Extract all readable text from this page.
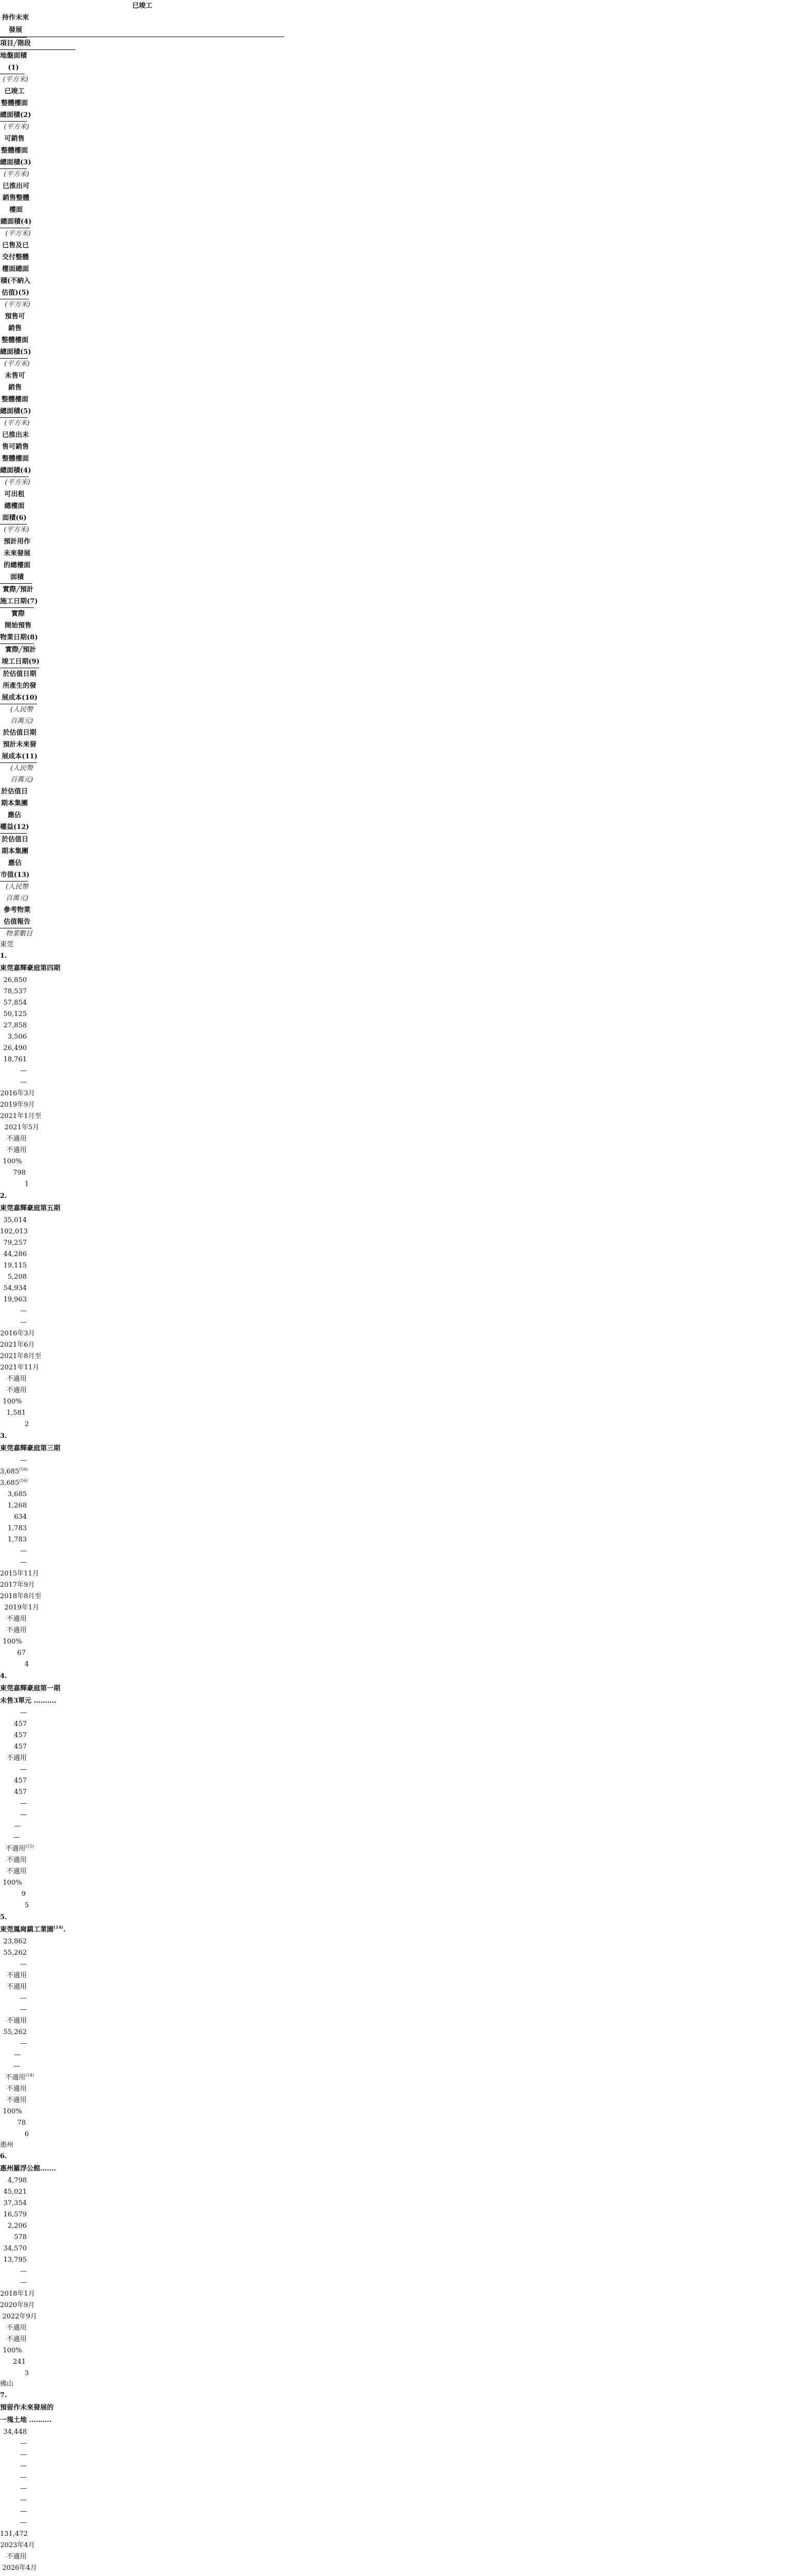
已竣工
持作未來發展
項目╱階段
地盤面積
(1)
(平方米)
已竣工
整體樓面
總面積(2)
(平方米)
可銷售
整體樓面
總面積(3)
(平方米)
已推出可
銷售整體
樓面
總面積(4)
(平方米)
已售及已
交付整體
樓面總面
積(不納入
估值)(5)
(平方米)
預售可
銷售
整體樓面
總面積(5)
(平方米)
未售可
銷售
整體樓面
總面積(5)
(平方米)
已推出未
售可銷售
整體樓面
總面積(4)
(平方米)
可出租
總樓面
面積(6)
(平方米)
預計用作
未來發展
的總樓面
面積
實際╱預計
施工日期(7)
實際
開始預售
物業日期(8)
實際╱預計
竣工日期(9)
於估值日期
所產生的發
展成本(10)
(人民幣
百萬元)
於估值日期
預計未來發
展成本(11)
(人民幣
百萬元)
於估值日
期本集團
應佔
權益(12)
於估值日
期本集團
應佔
市值(13)
(人民幣
百萬元)
參考物業
估值報告
物業數目
東莞
1.
東莞嘉輝豪庭第四期
26,850
78,537
57,854
50,125
27,858
3,506
26,490
18,761
—
—
2016年3月
2019年9月
2021年1月至
2021年5月
不適用
不適用
100%
798
1
2.
東莞嘉輝豪庭第五期
35,014
102,013
79,257
44,286
19,115
5,208
54,934
19,963
—
—
2016年3月
2021年6月
2021年8月至
2021年11月
不適用
不適用
100%
1,581
2
3.
東莞嘉輝豪庭第三期
—
3,685$^{(16)}$
3,685$^{(16)}$
3,685
1,268
634
1,783
1,783
—
—
2015年11月
2017年9月
2018年8月至
2019年1月
不適用
不適用
100%
67
4
4.
東莞嘉輝豪庭第一期
未售3單元 ……….
—
457
457
457
不適用
—
457
457
—
—
—
—
不適用$^{(15)}$
不適用
不適用
100%
9
5
5.
東莞鳳崗鎮工業園$^{(14)}$.
23,862
55,262
—
不適用
不適用
—
—
不適用
55,262
—
—
—
不適用$^{(14)}$
不適用
不適用
100%
78
6
惠州
6.
惠州羅浮公館…….
4,798
45,021
37,354
16,579
2,206
578
34,570
13,795
—
—
2018年1月
2020年9月
2022年9月
不適用
不適用
100%
241
3
佛山
7.
預留作未來發展的
一塊土地 ……….
34,448
—
—
—
—
—
—
—
—
131,472
2023年4月
不適用
2026年4月
